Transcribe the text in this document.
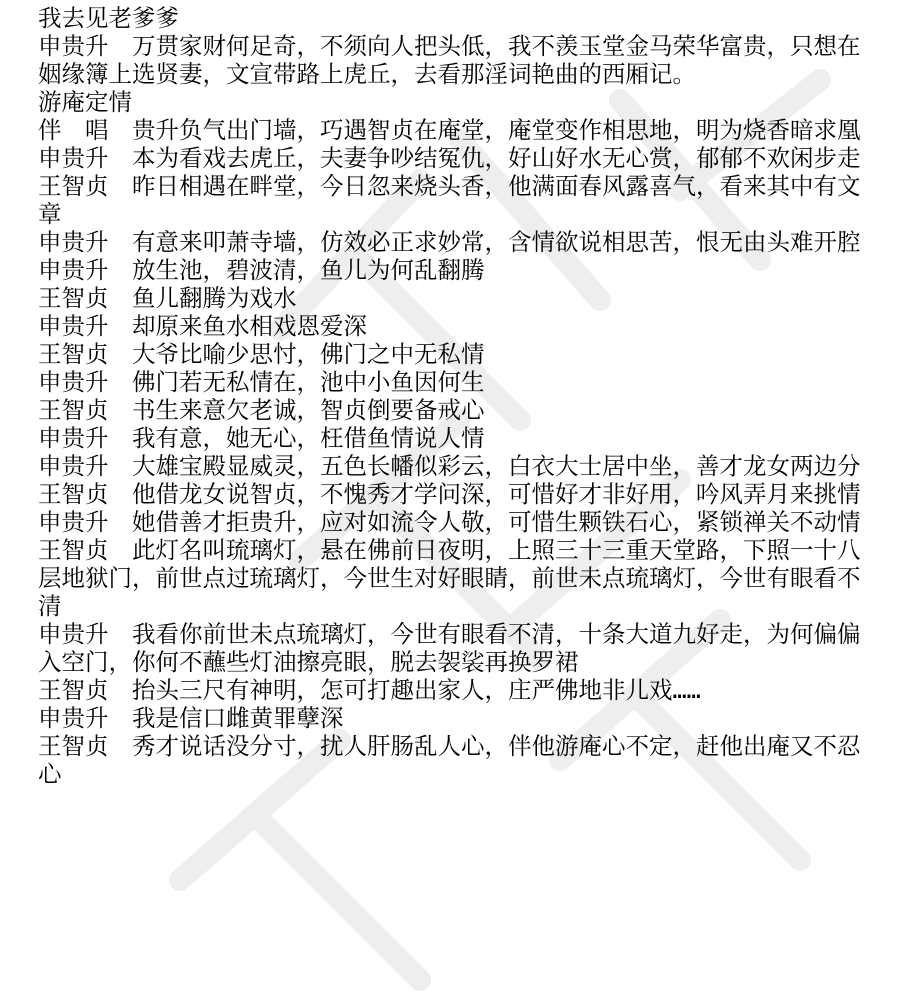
我去见老爹爹

申贵升　万贯家财何足奇，不须向人把头低，我不羡玉堂金马荣华富贵，只想在姻缘簿上选贤妻，文宣带路上虎丘，去看那淫词艳曲的西厢记。

游庵定情

伴　唱　贵升负气出门墙，巧遇智贞在庵堂，庵堂变作相思地，明为烧香暗求凰

申贵升　本为看戏去虎丘，夫妻争吵结冤仇，好山好水无心赏，郁郁不欢闲步走

王智贞　昨日相遇在畔堂，今日忽来烧头香，他满面春风露喜气，看来其中有文章

申贵升　有意来叩萧寺墙，仿效必正求妙常，含情欲说相思苦，恨无由头难开腔

申贵升　放生池，碧波清，鱼儿为何乱翻腾

王智贞　鱼儿翻腾为戏水

申贵升　却原来鱼水相戏恩爱深

王智贞　大爷比喻少思忖，佛门之中无私情

申贵升　佛门若无私情在，池中小鱼因何生

王智贞　书生来意欠老诚，智贞倒要备戒心

申贵升　我有意，她无心，枉借鱼情说人情

申贵升　大雄宝殿显威灵，五色长幡似彩云，白衣大士居中坐，善才龙女两边分

王智贞　他借龙女说智贞，不愧秀才学问深，可惜好才非好用，吟风弄月来挑情

申贵升　她借善才拒贵升，应对如流令人敬，可惜生颗铁石心，紧锁禅关不动情

王智贞　此灯名叫琉璃灯，悬在佛前日夜明，上照三十三重天堂路，下照一十八层地狱门，前世点过琉璃灯，今世生对好眼睛，前世未点琉璃灯，今世有眼看不清

申贵升　我看你前世未点琉璃灯，今世有眼看不清，十条大道九好走，为何偏偏入空门，你何不蘸些灯油擦亮眼，脱去袈裟再换罗裙

王智贞　抬头三尺有神明，怎可打趣出家人，庄严佛地非儿戏……

申贵升　我是信口雌黄罪孽深

王智贞　秀才说话没分寸，扰人肝肠乱人心，伴他游庵心不定，赶他出庵又不忍心
